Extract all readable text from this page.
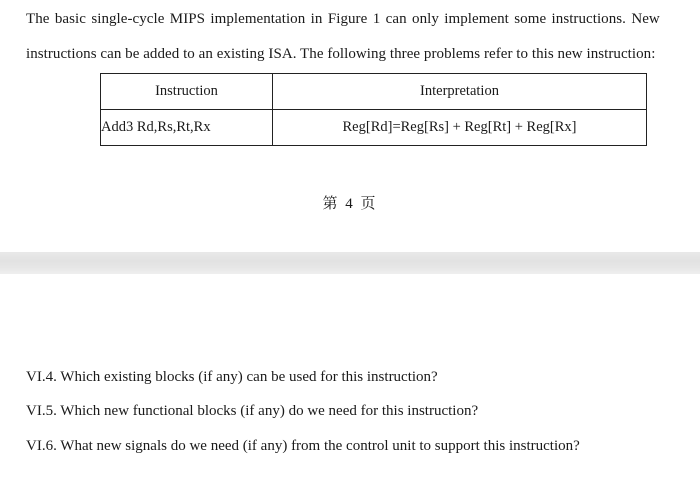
The basic single-cycle MIPS implementation in Figure 1 can only implement some instructions. New
instructions can be added to an existing ISA. The following three problems refer to this new instruction:
Instruction	Interpretation
Add3 Rd,Rs,Rt,Rx	Reg[Rd]=Reg[Rs] + Reg[Rt] + Reg[Rx]
第 4 页
VI.4. Which existing blocks (if any) can be used for this instruction?
VI.5. Which new functional blocks (if any) do we need for this instruction?
VI.6. What new signals do we need (if any) from the control unit to support this instruction?
